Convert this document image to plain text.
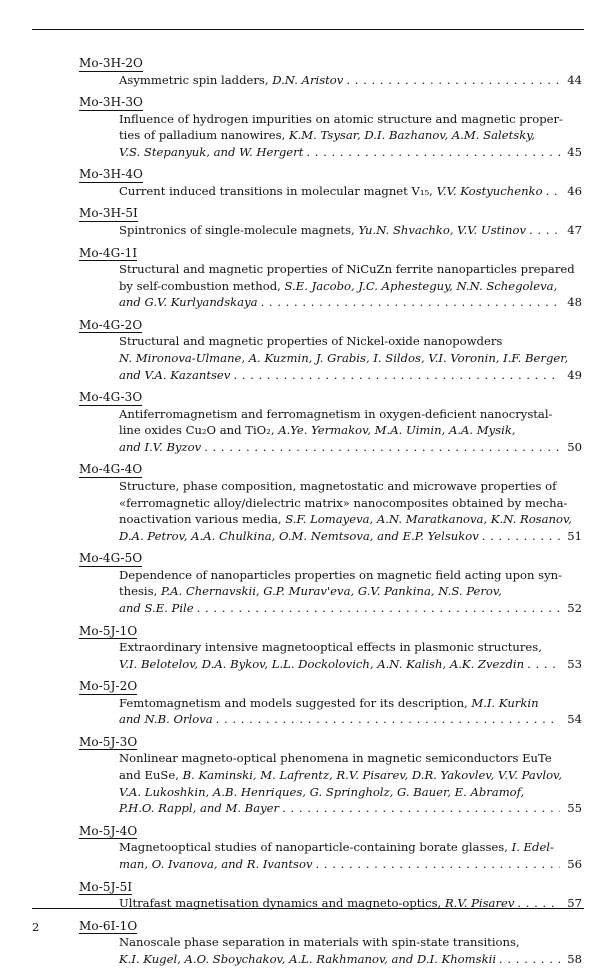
Mo-3H-2O
Asymmetric spin ladders, D.N. Aristov . . .	44
Mo-3H-3O
Influence of hydrogen impurities on atomic structure and magnetic proper-
ties of palladium nanowires, K.M. Tsysar, D.I. Bazhanov, A.M. Saletsky,
V.S. Stepanyuk, and W. Hergert . . .	45
Mo-3H-4O
Current induced transitions in molecular magnet V₁₅, V.V. Kostyuchenko . . .	46
Mo-3H-5I
Spintronics of single-molecule magnets, Yu.N. Shvachko, V.V. Ustinov . . .	47
Mo-4G-1I
Structural and magnetic properties of NiCuZn ferrite nanoparticles prepared
by self-combustion method, S.E. Jacobo, J.C. Aphesteguy, N.N. Schegoleva,
and G.V. Kurlyandskaya . . .	48
Mo-4G-2O
Structural and magnetic properties of Nickel-oxide nanopowders
N. Mironova-Ulmane, A. Kuzmin, J. Grabis, I. Sildos, V.I. Voronin, I.F. Berger,
and V.A. Kazantsev . . .	49
Mo-4G-3O
Antiferromagnetism and ferromagnetism in oxygen-deficient nanocrystal-
line oxides Cu₂O and TiO₂, A.Ye. Yermakov, M.A. Uimin, A.A. Mysik,
and I.V. Byzov . . .	50
Mo-4G-4O
Structure, phase composition, magnetostatic and microwave properties of
«ferromagnetic alloy/dielectric matrix» nanocomposites obtained by mecha-
noactivation various media, S.F. Lomayeva, A.N. Maratkanova, K.N. Rosanov,
D.A. Petrov, A.A. Chulkina, O.M. Nemtsova, and E.P. Yelsukov . . .	51
Mo-4G-5O
Dependence of nanoparticles properties on magnetic field acting upon syn-
thesis, P.A. Chernavskii, G.P. Murav'eva, G.V. Pankina, N.S. Perov,
and S.E. Pile . . .	52
Mo-5J-1O
Extraordinary intensive magnetooptical effects in plasmonic structures,
V.I. Belotelov, D.A. Bykov, L.L. Dockolovich, A.N. Kalish, A.K. Zvezdin . . .	53
Mo-5J-2O
Femtomagnetism and models suggested for its description, M.I. Kurkin
and N.B. Orlova . . .	54
Mo-5J-3O
Nonlinear magneto-optical phenomena in magnetic semiconductors EuTe
and EuSe, B. Kaminski, M. Lafrentz, R.V. Pisarev, D.R. Yakovlev, V.V. Pavlov,
V.A. Lukoshkin, A.B. Henriques, G. Springholz, G. Bauer, E. Abramof,
P.H.O. Rappl, and M. Bayer . . .	55
Mo-5J-4O
Magnetooptical studies of nanoparticle-containing borate glasses, I. Edel-
man, O. Ivanova, and R. Ivantsov . . .	56
Mo-5J-5I
Ultrafast magnetisation dynamics and magneto-optics, R.V. Pisarev . . .	57
Mo-6I-1O
Nanoscale phase separation in materials with spin-state transitions,
K.I. Kugel, A.O. Sboychakov, A.L. Rakhmanov, and D.I. Khomskii . . .	58
2
